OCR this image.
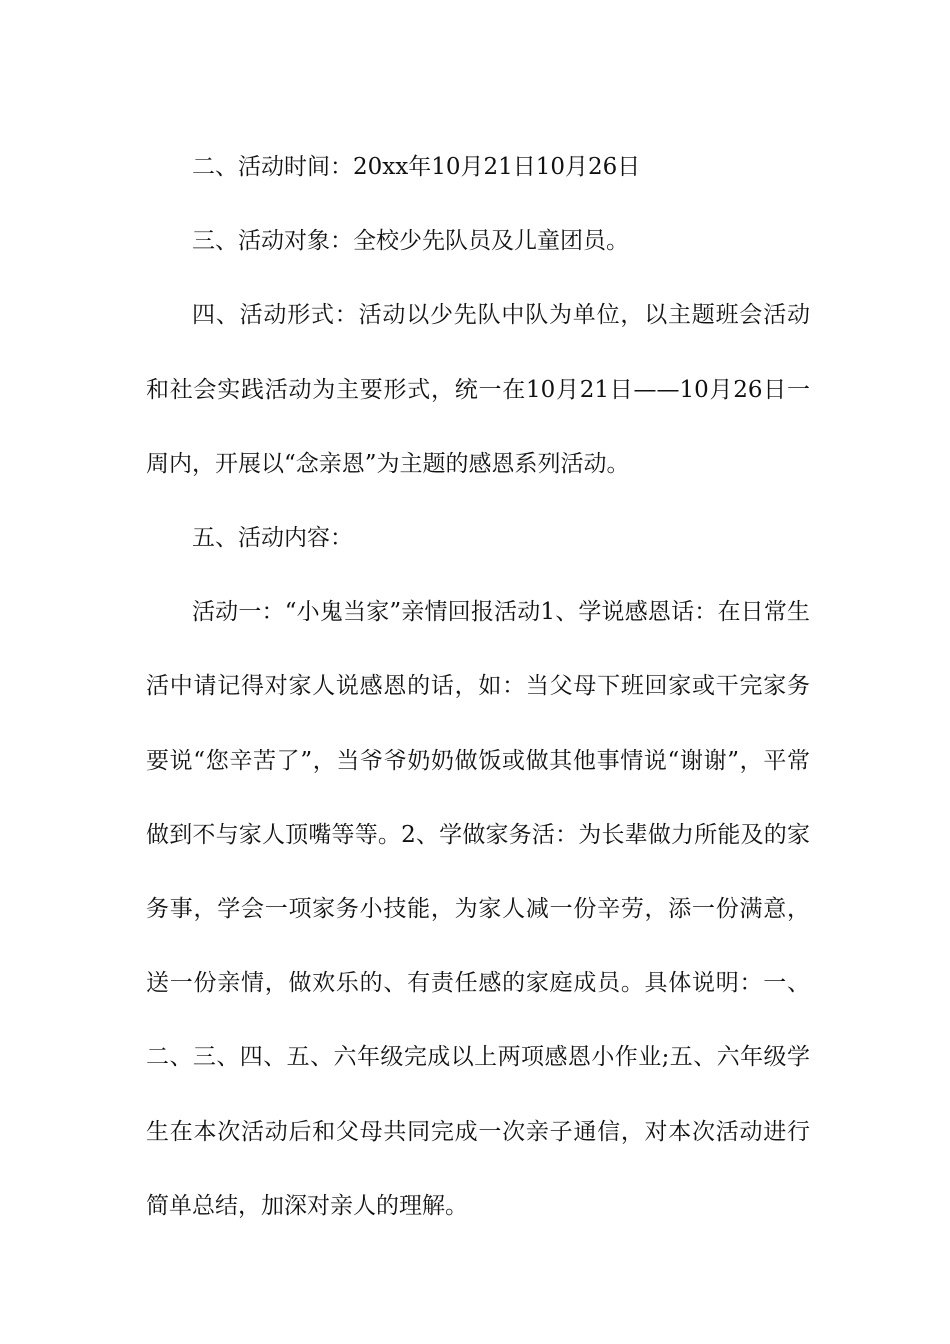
二、活动时间：20xx年10月21日10月26日

三、活动对象：全校少先队员及儿童团员。

四、活动形式：活动以少先队中队为单位，以主题班会活动和社会实践活动为主要形式，统一在10月21日——10月26日一周内，开展以“念亲恩”为主题的感恩系列活动。

五、活动内容：

活动一：“小鬼当家”亲情回报活动1、学说感恩话：在日常生活中请记得对家人说感恩的话，如：当父母下班回家或干完家务要说“您辛苦了”，当爷爷奶奶做饭或做其他事情说“谢谢”，平常做到不与家人顶嘴等等。2、学做家务活：为长辈做力所能及的家务事，学会一项家务小技能，为家人减一份辛劳，添一份满意，送一份亲情，做欢乐的、有责任感的家庭成员。具体说明：一、二、三、四、五、六年级完成以上两项感恩小作业;五、六年级学生在本次活动后和父母共同完成一次亲子通信，对本次活动进行简单总结，加深对亲人的理解。
